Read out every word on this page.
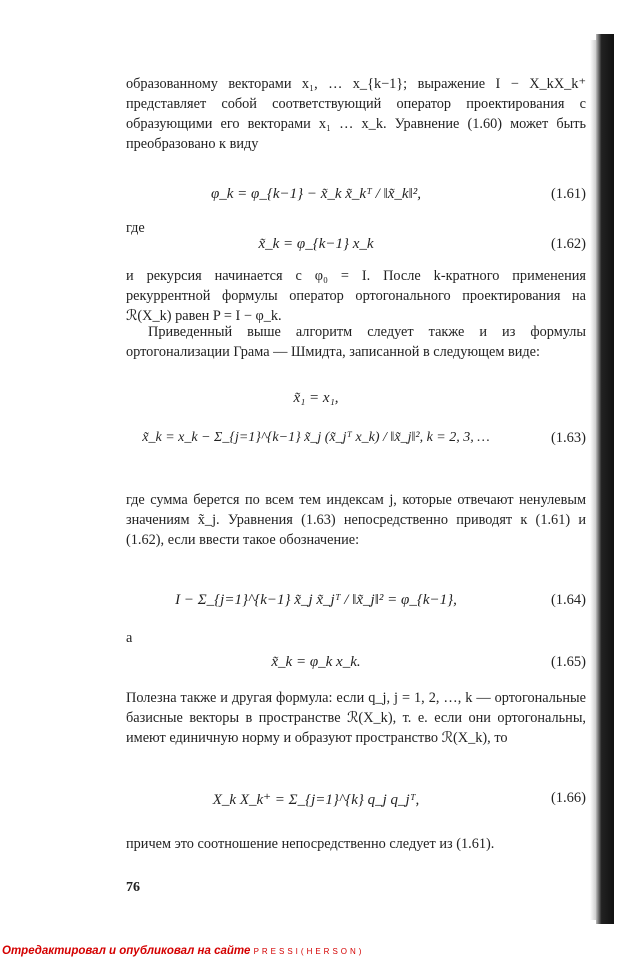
образованному векторами x₁, … x_{k−1}; выражение I − X_kX_k⁺ представляет собой соответствующий оператор проектирования с образующими его векторами x₁ … x_k. Уравнение (1.60) может быть преобразовано к виду

φ_k = φ_{k−1} − x̃_k x̃_kᵀ / ‖x̃_k‖²,	(1.61)
где
x̃_k = φ_{k−1} x_k	(1.62)

и рекурсия начинается с φ₀ = I. После k-кратного применения рекуррентной формулы оператор ортогонального проектирования на ℛ(X_k) равен P = I − φ_k.

Приведенный выше алгоритм следует также и из формулы ортогонализации Грама — Шмидта, записанной в следующем виде:

x̃₁ = x₁,
x̃_k = x_k − Σ_{j=1}^{k−1} x̃_j (x̃_jᵀ x_k) / ‖x̃_j‖², k = 2, 3, …	(1.63)

где сумма берется по всем тем индексам j, которые отвечают ненулевым значениям x̃_j. Уравнения (1.63) непосредственно приводят к (1.61) и (1.62), если ввести такое обозначение:

I − Σ_{j=1}^{k−1} x̃_j x̃_jᵀ / ‖x̃_j‖² = φ_{k−1},	(1.64)
а
x̃_k = φ_k x_k.	(1.65)

Полезна также и другая формула: если q_j, j = 1, 2, …, k — ортогональные базисные векторы в пространстве ℛ(X_k), т. е. если они ортогональны, имеют единичную норму и образуют пространство ℛ(X_k), то

X_k X_k⁺ = Σ_{j=1}^{k} q_j q_jᵀ,	(1.66)

причем это соотношение непосредственно следует из (1.61).

76
Отредактировал и опубликовал на сайте PRESSI(HERSON)
